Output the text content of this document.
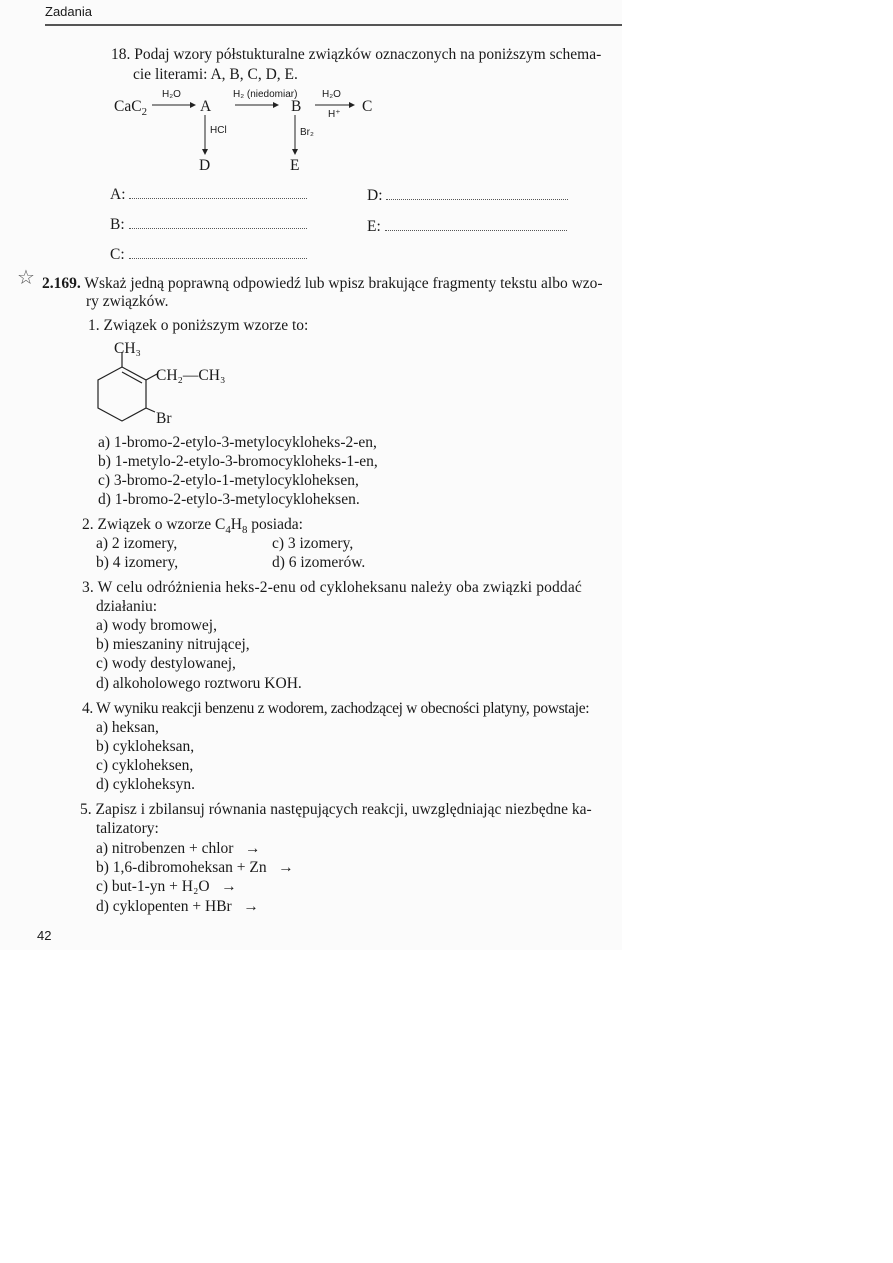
Zadania
18. Podaj wzory półstukturalne związków oznaczonych na poniższym schema-
cie literami: A, B, C, D, E.
CaC$_2$
H₂O
A
H₂ (niedomiar)
B
H₂O
H⁺ C
HCl
D
Br₂
E
A:
B:
C:
D:
E:
☆ 2.169. Wskaż jedną poprawną odpowiedź lub wpisz brakujące fragmenty tekstu albo wzo-
ry związków.
1. Związek o poniższym wzorze to:
CH₃
CH₂—CH₃
Br
a) 1-bromo-2-etylo-3-metylocykloheks-2-en,
b) 1-metylo-2-etylo-3-bromocykloheks-1-en,
c) 3-bromo-2-etylo-1-metylocykloheksen,
d) 1-bromo-2-etylo-3-metylocykloheksen.
2. Związek o wzorze $C_4H_8$ posiada:
a) 2 izomery,
b) 4 izomery,
c) 3 izomery,
d) 6 izomerów.
3. W celu odróżnienia heks-2-enu od cykloheksanu należy oba związki poddać
działaniu:
a) wody bromowej,
b) mieszaniny nitrującej,
c) wody destylowanej,
d) alkoholowego roztworu KOH.
4. W wyniku reakcji benzenu z wodorem, zachodzącej w obecności platyny, powstaje:
a) heksan,
b) cykloheksan,
c) cykloheksen,
d) cykloheksyn.
5. Zapisz i zbilansuj równania następujących reakcji, uwzględniając niezbędne ka-
talizatory:
a) nitrobenzen + chlor →
b) 1,6-dibromoheksan + Zn →
c) but-1-yn + H₂O →
d) cyklopenten + HBr →
42
